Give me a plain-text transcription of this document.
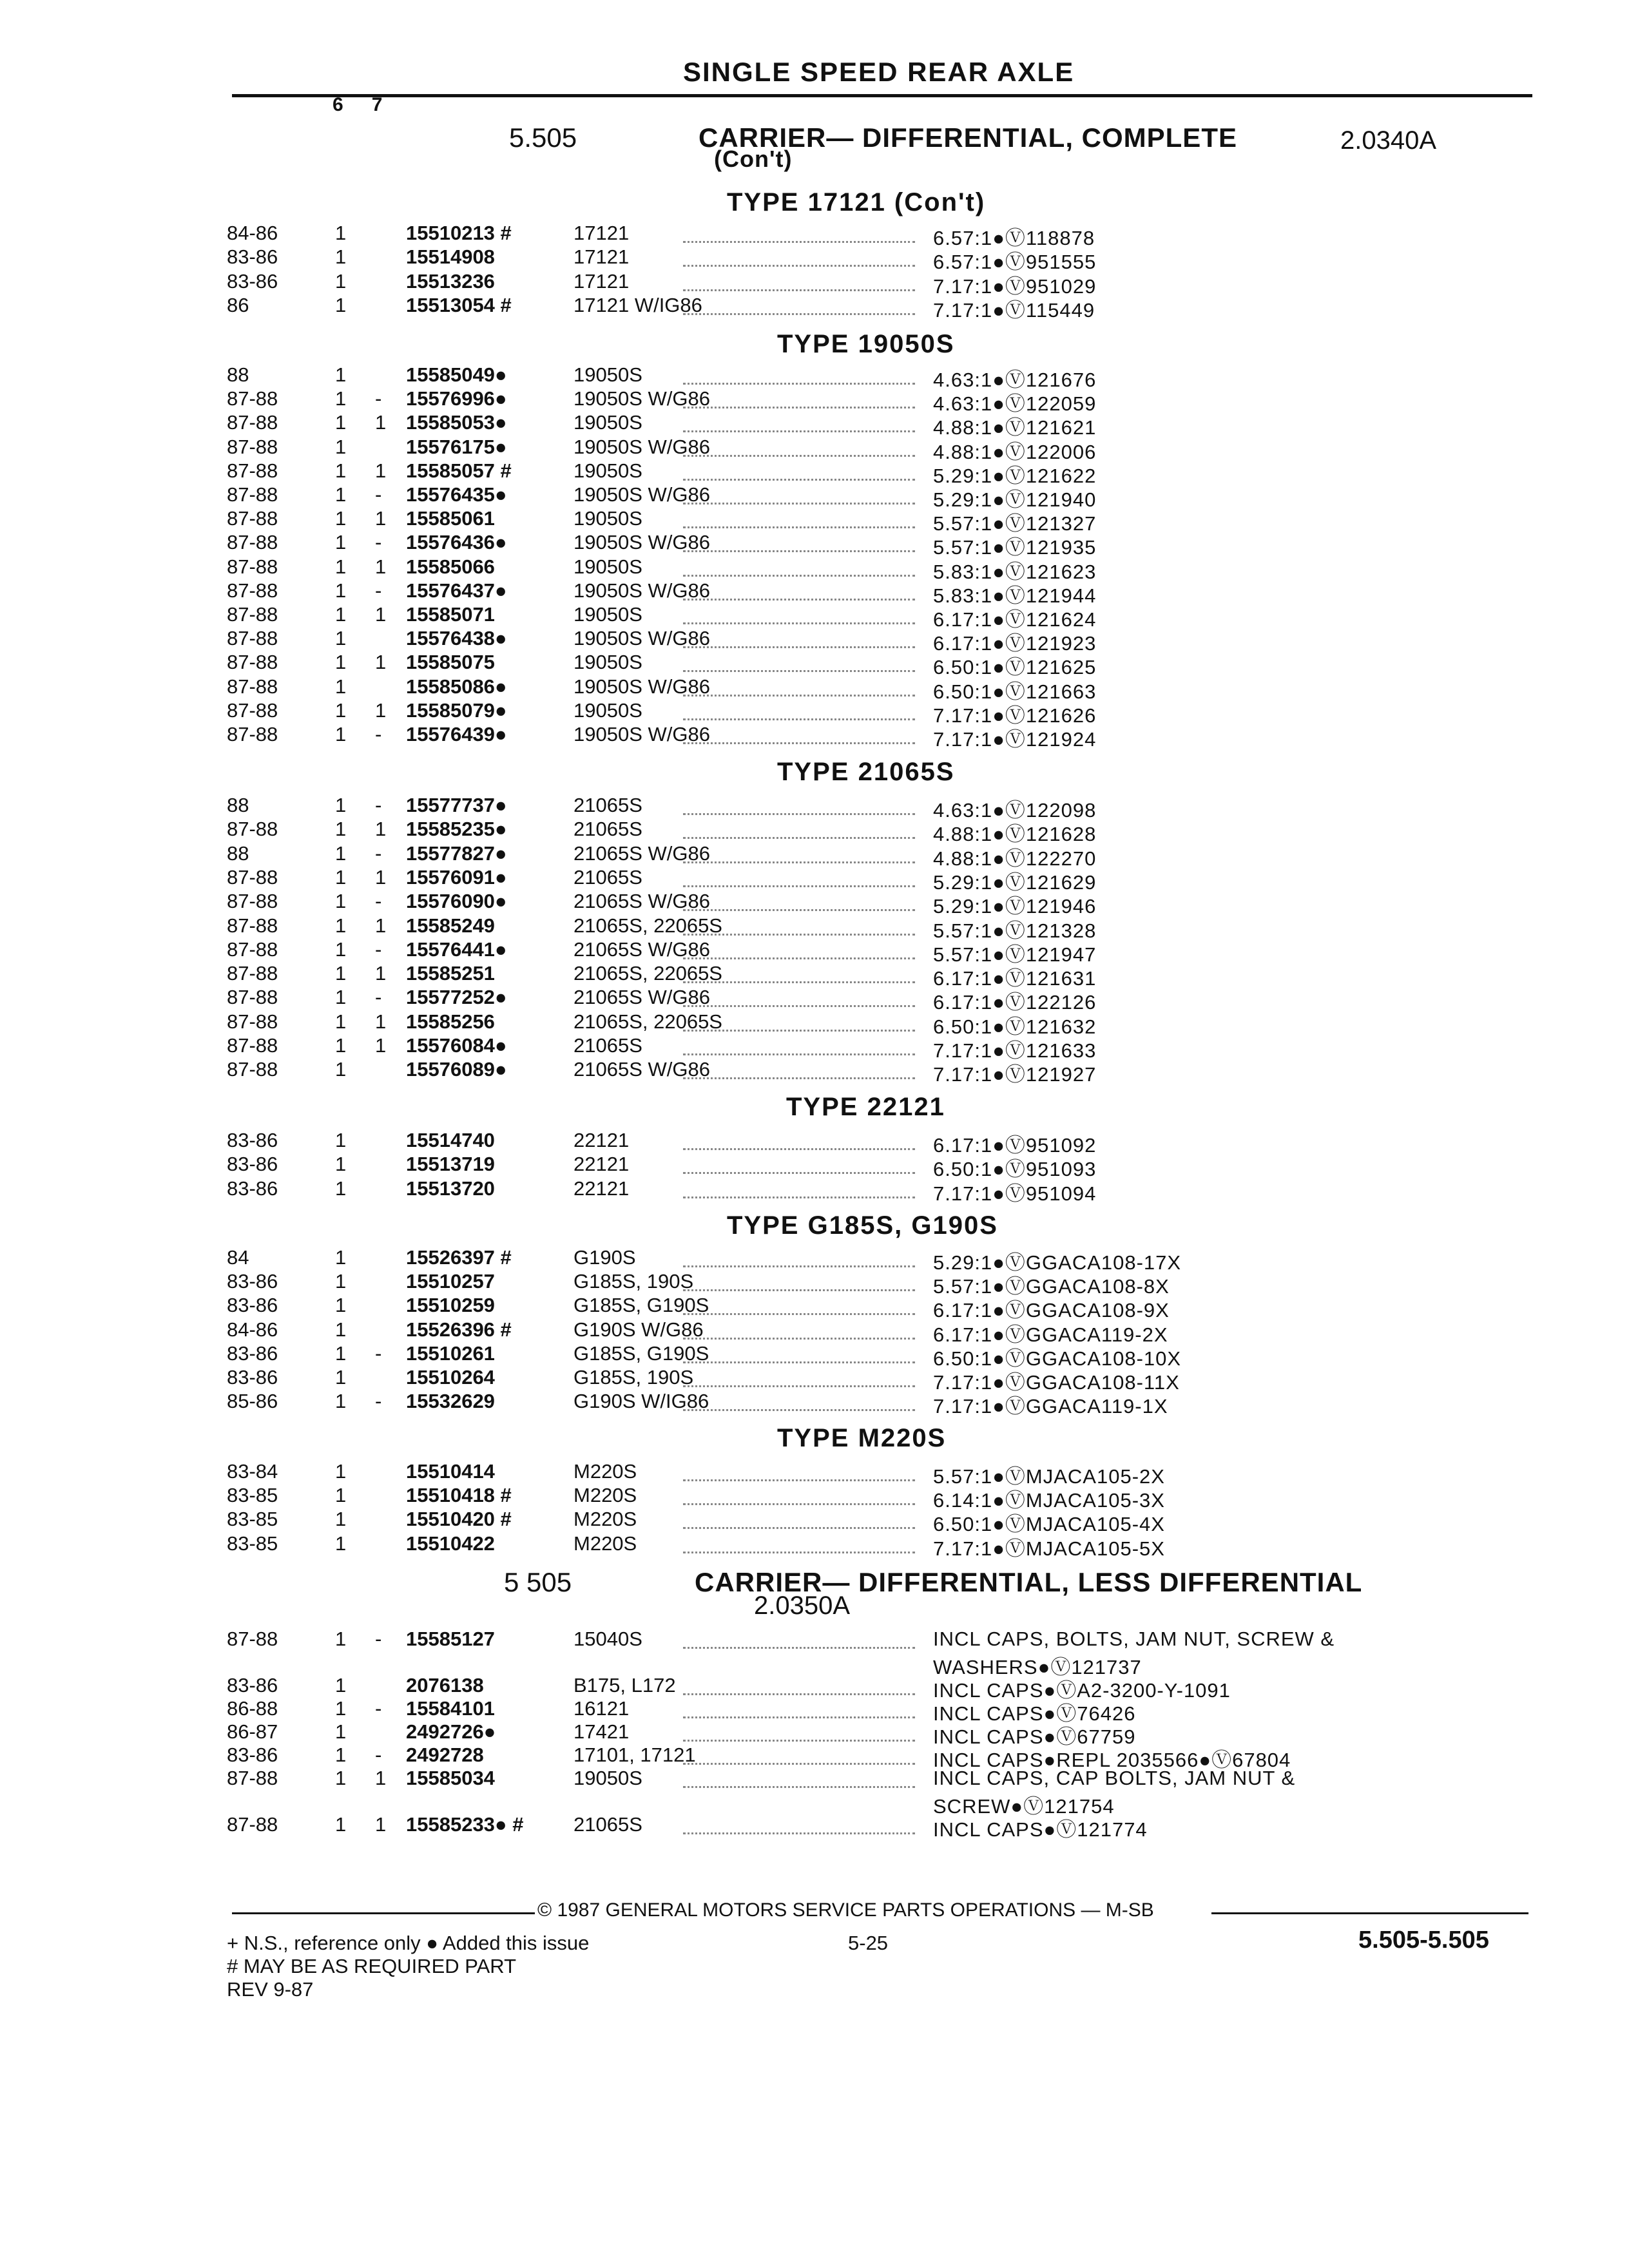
SINGLE SPEED REAR AXLE
6 7
5.505	CARRIER— DIFFERENTIAL, COMPLETE
(Con't)
2.0340A
TYPE 17121 (Con't)
84-86	1	15510213 #	17121	6.57:1●Ⓥ118878
83-86	1	15514908	17121	6.57:1●Ⓥ951555
83-86	1	15513236	17121	7.17:1●Ⓥ951029
86	1	15513054 #	17121 W/IG86	7.17:1●Ⓥ115449
TYPE 19050S
88	1	15585049●	19050S	4.63:1●Ⓥ121676
87-88	1 - 15576996●	19050S W/G86	4.63:1●Ⓥ122059
87-88	1 1 15585053●	19050S	4.88:1●Ⓥ121621
87-88	1	15576175●	19050S W/G86	4.88:1●Ⓥ122006
87-88	1 1 15585057 #	19050S	5.29:1●Ⓥ121622
87-88	1 - 15576435●	19050S W/G86	5.29:1●Ⓥ121940
87-88	1 1 15585061	19050S	5.57:1●Ⓥ121327
87-88	1 - 15576436●	19050S W/G86	5.57:1●Ⓥ121935
87-88	1 1 15585066	19050S	5.83:1●Ⓥ121623
87-88	1 - 15576437●	19050S W/G86	5.83:1●Ⓥ121944
87-88	1 1 15585071	19050S	6.17:1●Ⓥ121624
87-88	1	15576438●	19050S W/G86	6.17:1●Ⓥ121923
87-88	1 1 15585075	19050S	6.50:1●Ⓥ121625
87-88	1	15585086●	19050S W/G86	6.50:1●Ⓥ121663
87-88	1 1 15585079●	19050S	7.17:1●Ⓥ121626
87-88	1 - 15576439●	19050S W/G86	7.17:1●Ⓥ121924
TYPE 21065S
88	1 - 15577737●	21065S	4.63:1●Ⓥ122098
87-88	1 1 15585235●	21065S	4.88:1●Ⓥ121628
88	1 - 15577827●	21065S W/G86	4.88:1●Ⓥ122270
87-88	1 1 15576091●	21065S	5.29:1●Ⓥ121629
87-88	1 - 15576090●	21065S W/G86	5.29:1●Ⓥ121946
87-88	1 1 15585249	21065S, 22065S	5.57:1●Ⓥ121328
87-88	1 - 15576441●	21065S W/G86	5.57:1●Ⓥ121947
87-88	1 1 15585251	21065S, 22065S	6.17:1●Ⓥ121631
87-88	1 - 15577252●	21065S W/G86	6.17:1●Ⓥ122126
87-88	1 1 15585256	21065S, 22065S	6.50:1●Ⓥ121632
87-88	1 1 15576084●	21065S	7.17:1●Ⓥ121633
87-88	1	15576089●	21065S W/G86	7.17:1●Ⓥ121927
TYPE 22121
83-86	1	15514740	22121	6.17:1●Ⓥ951092
83-86	1	15513719	22121	6.50:1●Ⓥ951093
83-86	1	15513720	22121	7.17:1●Ⓥ951094
TYPE G185S, G190S
84	1	15526397 #	G190S	5.29:1●ⓋGGACA108-17X
83-86	1	15510257	G185S, 190S	5.57:1●ⓋGGACA108-8X
83-86	1	15510259	G185S, G190S	6.17:1●ⓋGGACA108-9X
84-86	1	15526396 #	G190S W/G86	6.17:1●ⓋGGACA119-2X
83-86	1 - 15510261	G185S, G190S	6.50:1●ⓋGGACA108-10X
83-86	1	15510264	G185S, 190S	7.17:1●ⓋGGACA108-11X
85-86	1 - 15532629	G190S W/IG86	7.17:1●ⓋGGACA119-1X
TYPE M220S
83-84	1	15510414	M220S	5.57:1●ⓋMJACA105-2X
83-85	1	15510418 #	M220S	6.14:1●ⓋMJACA105-3X
83-85	1	15510420 #	M220S	6.50:1●ⓋMJACA105-4X
83-85	1	15510422	M220S	7.17:1●ⓋMJACA105-5X
5 505	CARRIER— DIFFERENTIAL, LESS DIFFERENTIAL
2.0350A
87-88	1 - 15585127	15040S	INCL CAPS, BOLTS, JAM NUT, SCREW &
WASHERS●Ⓥ121737
83-86	1	2076138	B175, L172	INCL CAPS●ⓋA2-3200-Y-1091
86-88	1 - 15584101	16121	INCL CAPS●Ⓥ76426
86-87	1	2492726●	17421	INCL CAPS●Ⓥ67759
83-86	1 - 2492728	17101, 17121	INCL CAPS●REPL 2035566●Ⓥ67804
87-88	1 1 15585034	19050S	INCL CAPS, CAP BOLTS, JAM NUT &
SCREW●Ⓥ121754
87-88	1 1 15585233● # 21065S	INCL CAPS●Ⓥ121774
© 1987 GENERAL MOTORS SERVICE PARTS OPERATIONS — M-SB
+ N.S., reference only ● Added this issue	5-25	5.505-5.505
# MAY BE AS REQUIRED PART
REV 9-87
